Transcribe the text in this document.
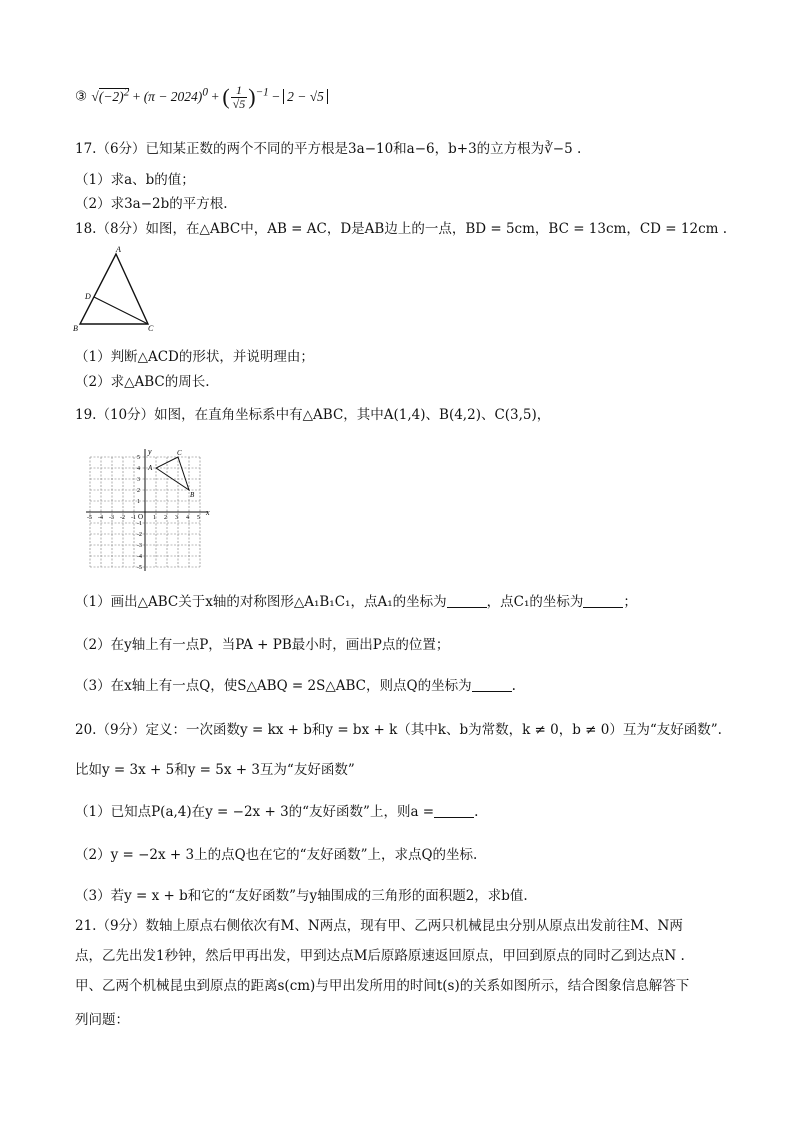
③ $√(-2)^2 + (\pi - 2024)^0$ + ( $\frac{1}{√5} )^{-1} - 2 - √5$
17.（6分）已知某正数的两个不同的平方根是3a−10和a−6，b+3的立方根为∛−5 .
（1）求a、b的值；
（2）求3a−2b的平方根.
18.（8分）如图，在△ABC中，AB = AC，D是AB边上的一点，BD = 5cm，BC = 13cm，CD = 12cm .
A
D
B	C
（1）判断△ACD的形状，并说明理由；
（2）求△ABC的周长.
19.（10分）如图，在直角坐标系中有△ABC，其中A(1,4)、B(4,2)、C(3,5)，
-5 -4 -3 -2 -1	1 2 3 4 5
5
4
3
2
1
-1
-2
-3
-4
-5
x
y
O
A
B
C
（1）画出△ABC关于x轴的对称图形△A₁B₁C₁，点A₁的坐标为	，点C₁的坐标为	；
（2）在y轴上有一点P，当PA + PB最小时，画出P点的位置；
（3）在x轴上有一点Q，使S△ABQ = 2S△ABC，则点Q的坐标为	.
20.（9分）定义：一次函数y = kx + b和y = bx + k（其中k、b为常数，k ≠ 0，b ≠ 0）互为“友好函数”.
比如y = 3x + 5和y = 5x + 3互为“友好函数”
（1）已知点P(a,4)在y = −2x + 3的“友好函数”上，则a =	.
（2）y = −2x + 3上的点Q也在它的“友好函数”上，求点Q的坐标.
（3）若y = x + b和它的“友好函数”与y轴围成的三角形的面积题2，求b值.
21.（9分）数轴上原点右侧依次有M、N两点，现有甲、乙两只机械昆虫分别从原点出发前往M、N两
点，乙先出发1秒钟，然后甲再出发，甲到达点M后原路原速返回原点，甲回到原点的同时乙到达点N .
甲、乙两个机械昆虫到原点的距离s(cm)与甲出发所用的时间t(s)的关系如图所示，结合图象信息解答下
列问题：
